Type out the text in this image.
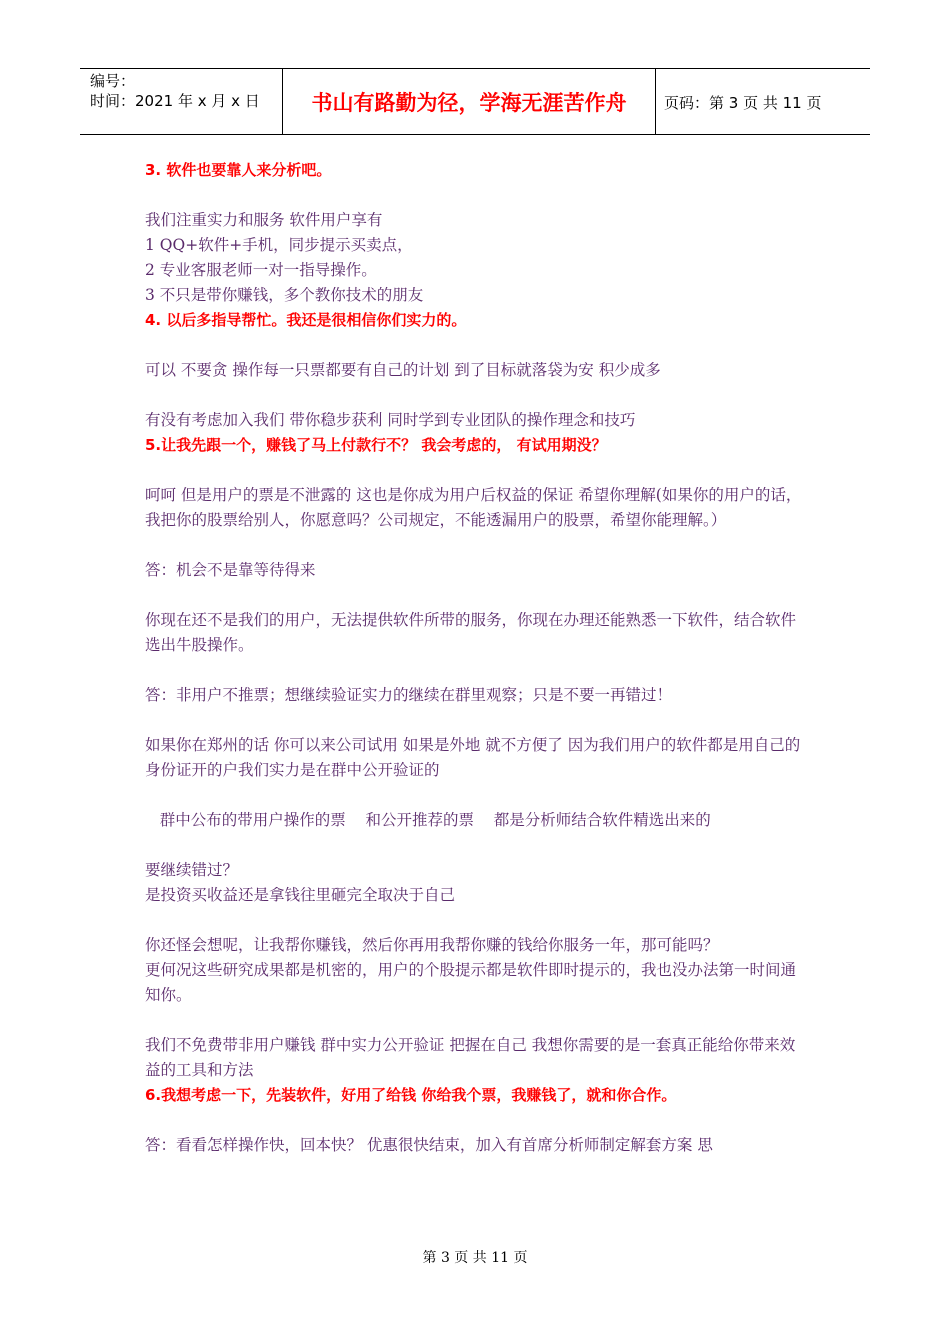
编号：
时间：2021 年 x 月 x 日	书山有路勤为径，学海无涯苦作舟	页码：第 3 页 共 11 页

3. 软件也要靠人来分析吧。

我们注重实力和服务 软件用户享有

1 QQ+软件+手机，同步提示买卖点，

2 专业客服老师一对一指导操作。

3 不只是带你赚钱，多个教你技术的朋友

4. 以后多指导帮忙。我还是很相信你们实力的。

可以 不要贪 操作每一只票都要有自己的计划 到了目标就落袋为安 积少成多

有没有考虑加入我们 带你稳步获利 同时学到专业团队的操作理念和技巧

5.让我先跟一个，赚钱了马上付款行不？ 我会考虑的， 有试用期没？

呵呵 但是用户的票是不泄露的 这也是你成为用户后权益的保证 希望你理解(如果你的用户的话，我把你的股票给别人，你愿意吗？公司规定，不能透漏用户的股票，希望你能理解。）

答：机会不是靠等待得来

你现在还不是我们的用户，无法提供软件所带的服务，你现在办理还能熟悉一下软件，结合软件选出牛股操作。

答：非用户不推票；想继续验证实力的继续在群里观察；只是不要一再错过！

如果你在郑州的话 你可以来公司试用 如果是外地 就不方便了 因为我们用户的软件都是用自己的身份证开的户我们实力是在群中公开验证的

群中公布的带用户操作的票    和公开推荐的票    都是分析师结合软件精选出来的

要继续错过？

是投资买收益还是拿钱往里砸完全取决于自己

你还怪会想呢，让我帮你赚钱，然后你再用我帮你赚的钱给你服务一年，那可能吗？

更何况这些研究成果都是机密的，用户的个股提示都是软件即时提示的，我也没办法第一时间通知你。

我们不免费带非用户赚钱 群中实力公开验证 把握在自己 我想你需要的是一套真正能给你带来效益的工具和方法

6.我想考虑一下，先装软件，好用了给钱 你给我个票，我赚钱了，就和你合作。

答：看看怎样操作快，回本快？ 优惠很快结束，加入有首席分析师制定解套方案 思

第 3 页 共 11 页
